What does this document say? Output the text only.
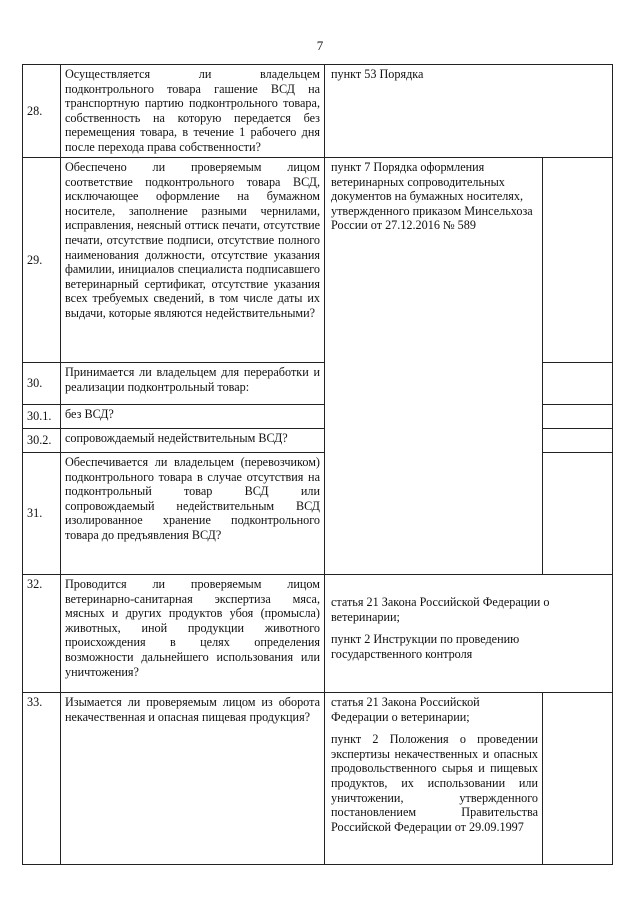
7
28.	Осуществляется ли владельцем подконтрольного товара гашение ВСД на транспортную партию подконтрольного товара, собственность на которую передается без перемещения товара, в течение 1 рабочего дня после перехода права собственности?	пункт 53 Порядка	

29.	Обеспечено ли проверяемым лицом соответствие подконтрольного товара ВСД, исключающее оформление на бумажном носителе, заполнение разными чернилами, исправления, неясный оттиск печати, отсутствие печати, отсутствие подписи, отсутствие полного наименования должности, отсутствие указания фамилии, инициалов специалиста подписавшего ветеринарный сертификат, отсутствие указания всех требуемых сведений, в том числе даты их выдачи, которые являются недействительными?	пункт 7 Порядка оформления ветеринарных сопроводительных документов на бумажных носителях, утвержденного приказом Минсельхоза России от 27.12.2016 № 589	

30.	Принимается ли владельцем для переработки и реализации подконтрольный товар:		
30.1.	без ВСД?		
30.2.	сопровождаемый недействительным ВСД?		
31.	Обеспечивается ли владельцем (перевозчиком) подконтрольного товара в случае отсутствия на подконтрольный товар ВСД или сопровождаемый недействительным ВСД изолированное хранение подконтрольного товара до предъявления ВСД?		
32.	Проводится ли проверяемым лицом ветеринарно-санитарная экспертиза мяса, мясных и других продуктов убоя (промысла) животных, иной продукции животного происхождения в целях определения возможности дальнейшего использования или уничтожения?	статья 21 Закона Российской Федерации о ветеринарии;

пункт 2 Инструкции по проведению государственного контроля	

33.	Изымается ли проверяемым лицом из оборота некачественная и опасная пищевая продукция?	статья 21 Закона Российской Федерации о ветеринарии;

пункт 2 Положения о проведении экспертизы некачественных и опасных продовольственного сырья и пищевых продуктов, их использовании или уничтожении, утвержденного постановлением Правительства Российской Федерации от 29.09.1997	
